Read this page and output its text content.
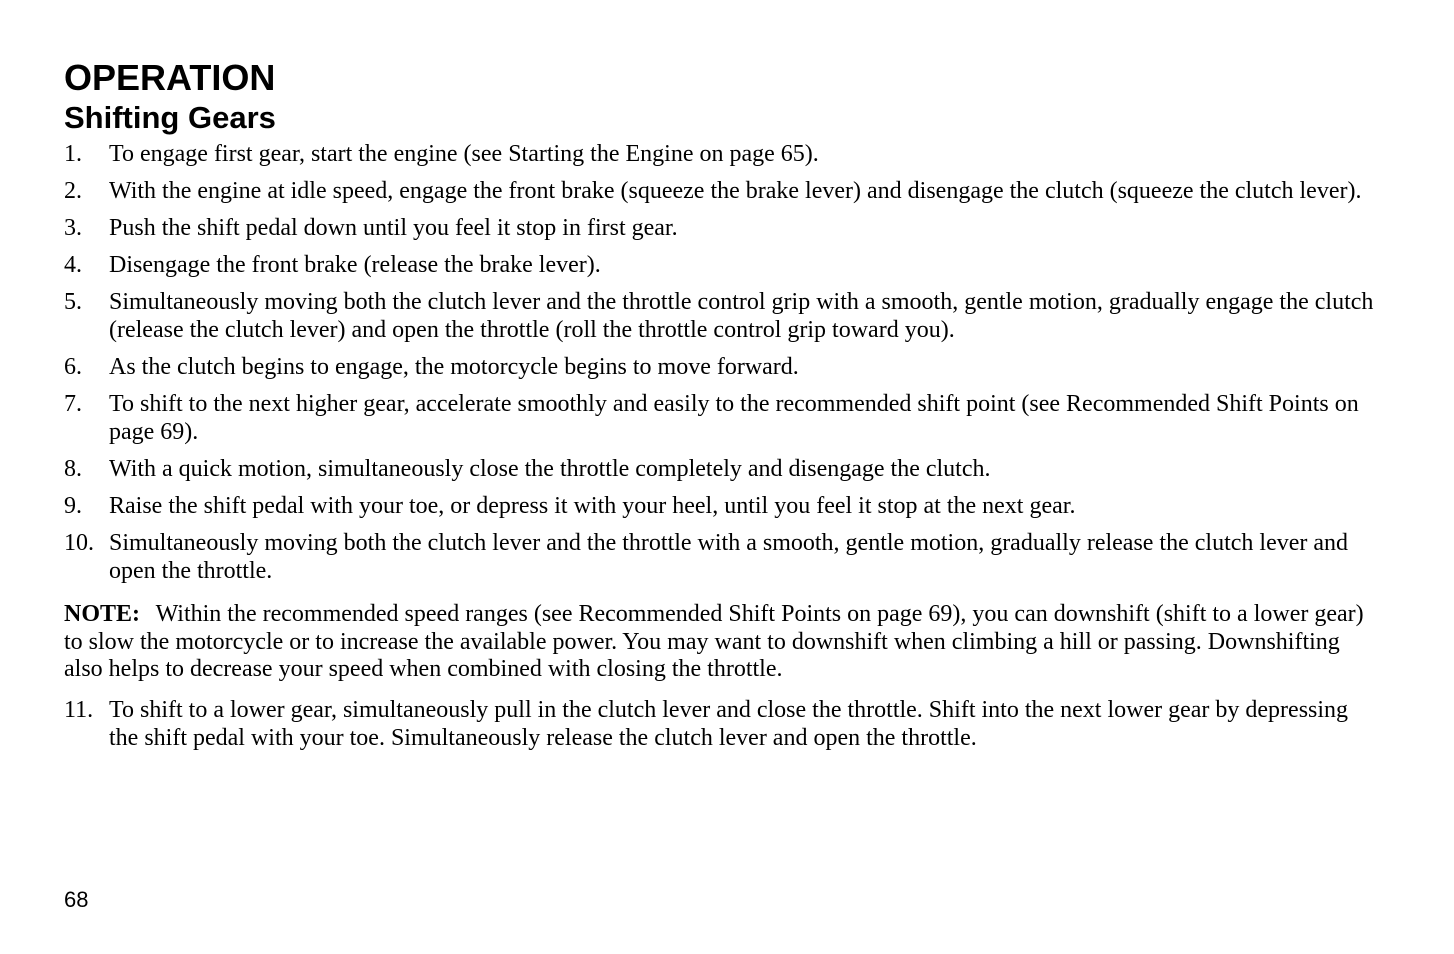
OPERATION
Shifting Gears
1.	To engage first gear, start the engine (see Starting the Engine on page 65).
2.	With the engine at idle speed, engage the front brake (squeeze the brake lever) and disengage the clutch (squeeze the clutch lever).
3.	Push the shift pedal down until you feel it stop in first gear.
4.	Disengage the front brake (release the brake lever).
5.	Simultaneously moving both the clutch lever and the throttle control grip with a smooth, gentle motion, gradually engage the clutch (release the clutch lever) and open the throttle (roll the throttle control grip toward you).
6.	As the clutch begins to engage, the motorcycle begins to move forward.
7.	To shift to the next higher gear, accelerate smoothly and easily to the recommended shift point (see Recommended Shift Points on page 69).
8.	With a quick motion, simultaneously close the throttle completely and disengage the clutch.
9.	Raise the shift pedal with your toe, or depress it with your heel, until you feel it stop at the next gear.
10. Simultaneously moving both the clutch lever and the throttle with a smooth, gentle motion, gradually release the clutch lever and open the throttle.

NOTE: Within the recommended speed ranges (see Recommended Shift Points on page 69), you can downshift (shift to a lower gear) to slow the motorcycle or to increase the available power. You may want to downshift when climbing a hill or passing. Downshifting also helps to decrease your speed when combined with closing the throttle.

11. To shift to a lower gear, simultaneously pull in the clutch lever and close the throttle. Shift into the next lower gear by depressing the shift pedal with your toe. Simultaneously release the clutch lever and open the throttle.
68
